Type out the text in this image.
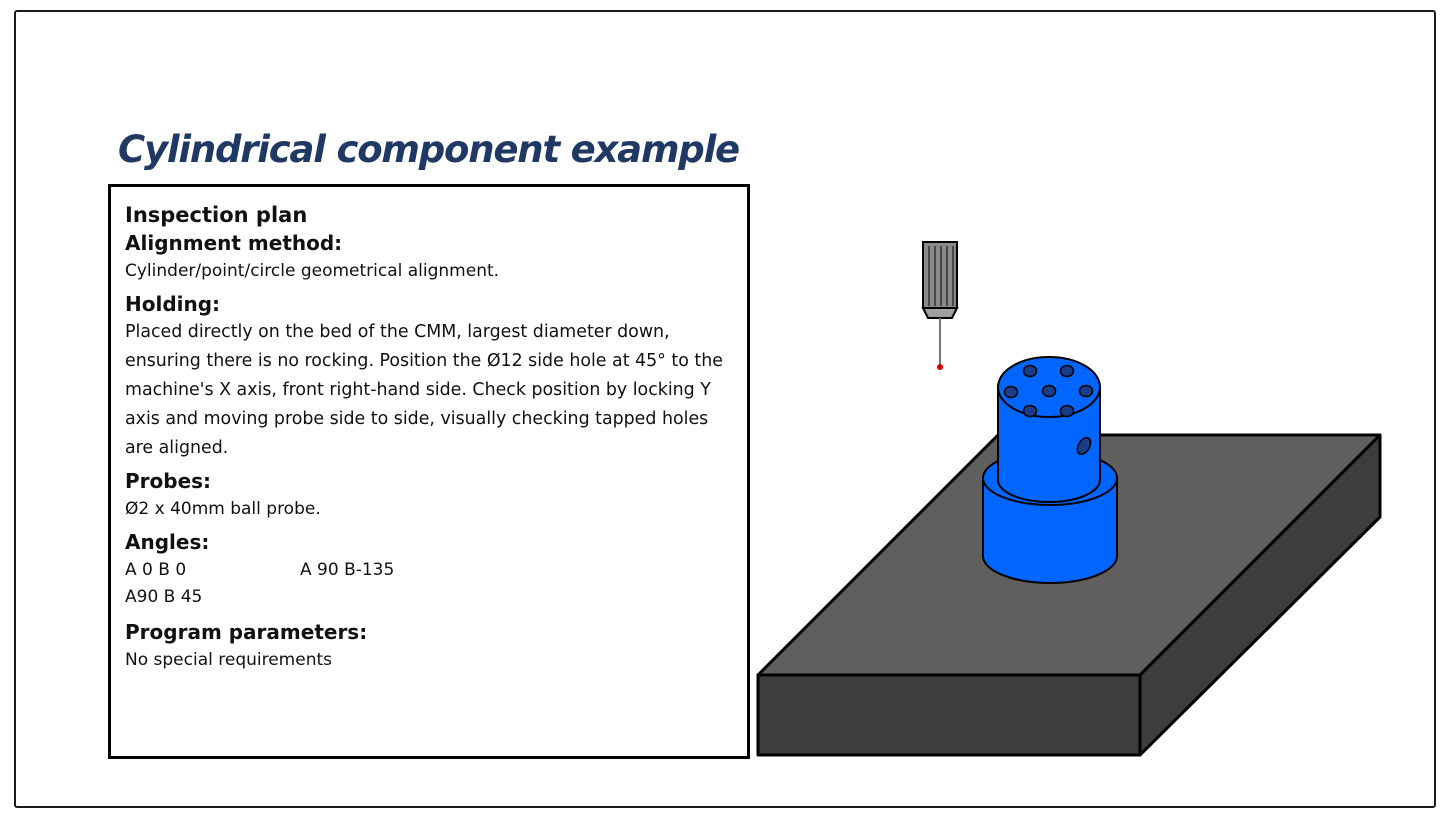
Cylindrical component example

Inspection plan

Alignment method:

Cylinder/point/circle geometrical alignment.

Holding:

Placed directly on the bed of the CMM, largest diameter down, ensuring there is no rocking. Position the Ø12 side hole at 45° to the machine's X axis, front right-hand side. Check position by locking Y axis and moving probe side to side, visually checking tapped holes are aligned.

Probes:

Ø2 x 40mm ball probe.

Angles:

A 0 B 0	A 90 B-135
A90 B 45

Program parameters:

No special requirements
